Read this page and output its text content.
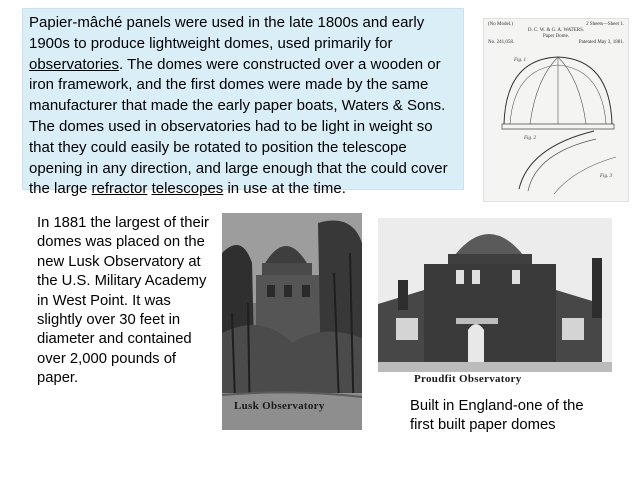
Papier-mâché panels were used in the late 1800s and early 1900s to produce lightweight domes, used primarily for observatories. The domes were constructed over a wooden or iron framework, and the first domes were made by the same manufacturer that made the early paper boats, Waters & Sons. The domes used in observatories had to be light in weight so that they could easily be rotated to position the telescope opening in any direction, and large enough that the could cover the large refractor telescopes in use at the time.
(No Model.)	2 Sheets—Sheet 1.
D. C. W. & G. A. WATERS.
Paper Dome.
No. 241,058.	Patented May 3, 1881.
Fig. 1
Fig. 2
Fig. 3
In 1881 the largest of their domes was placed on the new Lusk Observatory at the U.S. Military Academy in West Point. It was slightly over 30 feet in diameter and contained over 2,000 pounds of paper.
Lusk Observatory
Proudfit Observatory
Built in England-one of the first built paper domes
